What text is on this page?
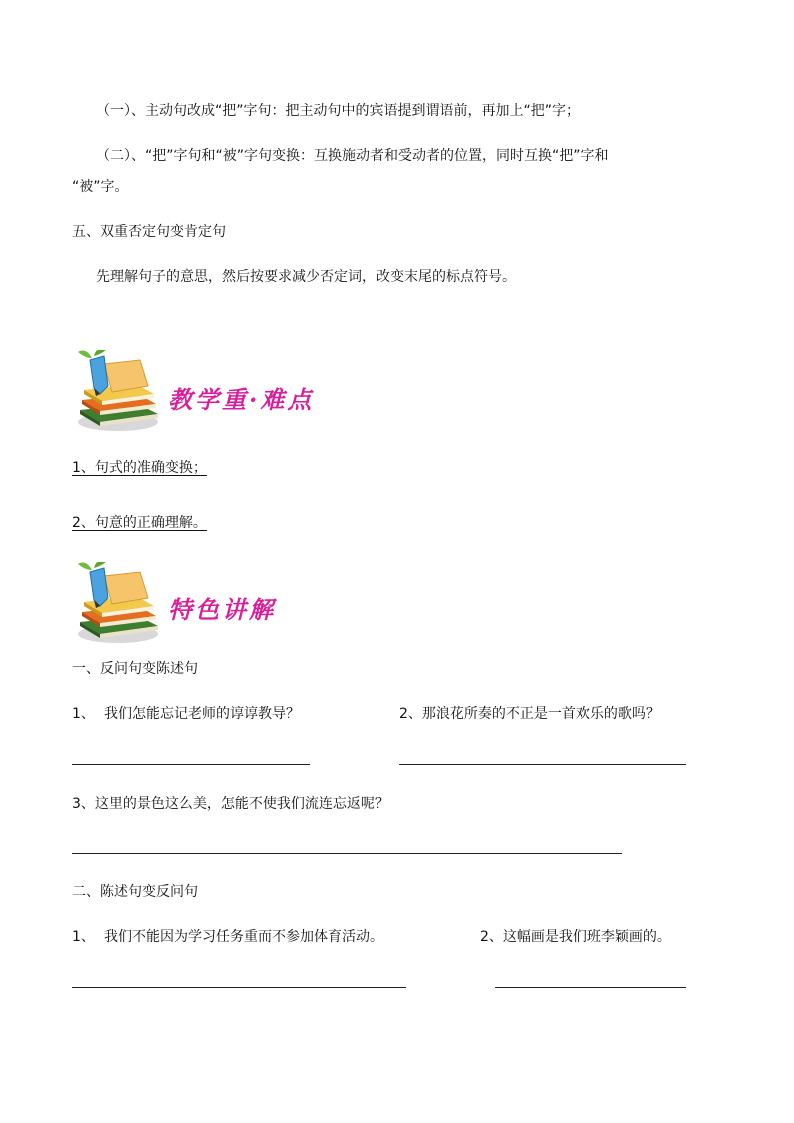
（一）、主动句改成“把”字句：把主动句中的宾语提到谓语前，再加上“把”字；
（二）、“把”字句和“被”字句变换：互换施动者和受动者的位置，同时互换“把”字和
“被”字。
五、双重否定句变肯定句
先理解句子的意思，然后按要求减少否定词，改变末尾的标点符号。
教学重·难点
1、句式的准确变换；
2、句意的正确理解。
特色讲解
一、反问句变陈述句
1、 我们怎能忘记老师的谆谆教导？	2、那浪花所奏的不正是一首欢乐的歌吗？
3、这里的景色这么美，怎能不使我们流连忘返呢？
二、陈述句变反问句
1、 我们不能因为学习任务重而不参加体育活动。	2、这幅画是我们班李颖画的。
